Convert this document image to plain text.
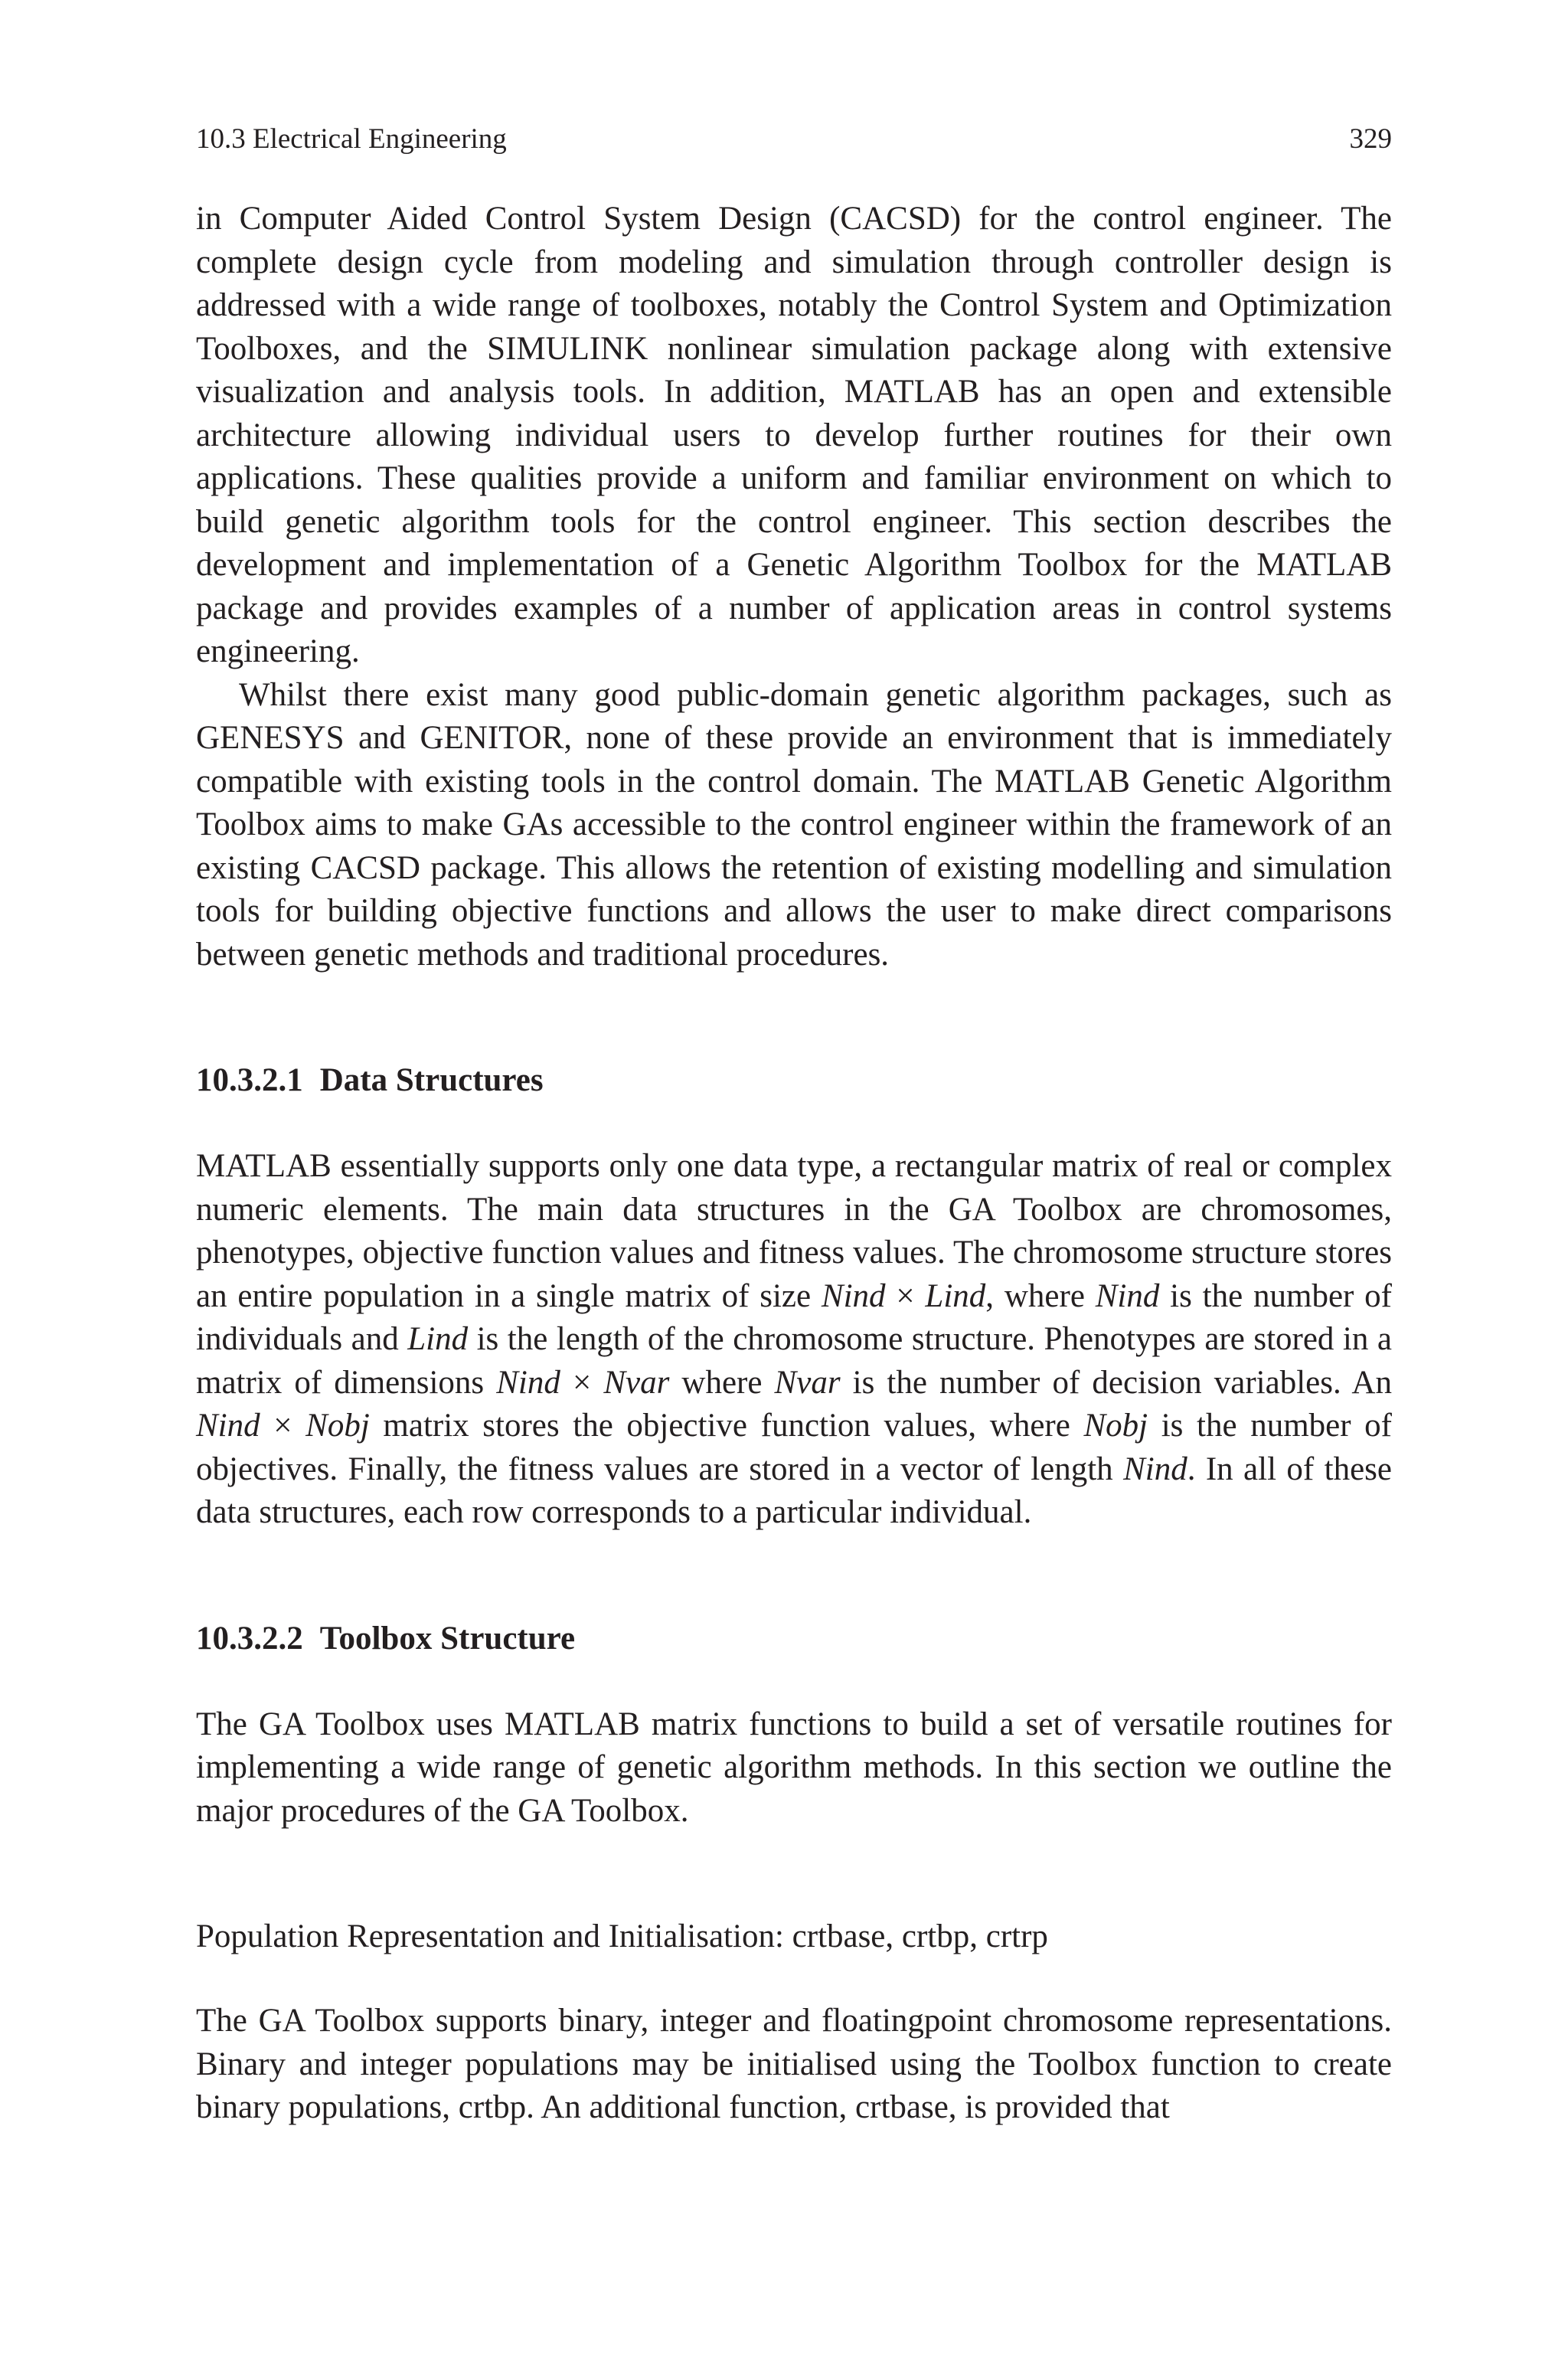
10.3 Electrical Engineering	329

in Computer Aided Control System Design (CACSD) for the control engineer. The complete design cycle from modeling and simulation through controller design is addressed with a wide range of toolboxes, notably the Control System and Optimization Toolboxes, and the SIMULINK nonlinear simulation package along with extensive visualization and analysis tools. In addition, MATLAB has an open and extensible architecture allowing individual users to develop further routines for their own applications. These qualities provide a uniform and familiar environment on which to build genetic algorithm tools for the control engineer. This section describes the development and implementation of a Genetic Algorithm Toolbox for the MATLAB package and provides examples of a number of application areas in control systems engineering.

Whilst there exist many good public-domain genetic algorithm packages, such as GENESYS and GENITOR, none of these provide an environment that is immediately compatible with existing tools in the control domain. The MATLAB Genetic Algorithm Toolbox aims to make GAs accessible to the control engineer within the framework of an existing CACSD package. This allows the retention of existing modelling and simulation tools for building objective functions and allows the user to make direct comparisons between genetic methods and traditional procedures.

10.3.2.1 Data Structures

MATLAB essentially supports only one data type, a rectangular matrix of real or complex numeric elements. The main data structures in the GA Toolbox are chromosomes, phenotypes, objective function values and fitness values. The chromosome structure stores an entire population in a single matrix of size Nind × Lind, where Nind is the number of individuals and Lind is the length of the chromosome structure. Phenotypes are stored in a matrix of dimensions Nind × Nvar where Nvar is the number of decision variables. An Nind × Nobj matrix stores the objective function values, where Nobj is the number of objectives. Finally, the fitness values are stored in a vector of length Nind. In all of these data structures, each row corresponds to a particular individual.

10.3.2.2 Toolbox Structure

The GA Toolbox uses MATLAB matrix functions to build a set of versatile routines for implementing a wide range of genetic algorithm methods. In this section we outline the major procedures of the GA Toolbox.

Population Representation and Initialisation: crtbase, crtbp, crtrp

The GA Toolbox supports binary, integer and floatingpoint chromosome representations. Binary and integer populations may be initialised using the Toolbox function to create binary populations, crtbp. An additional function, crtbase, is provided that
